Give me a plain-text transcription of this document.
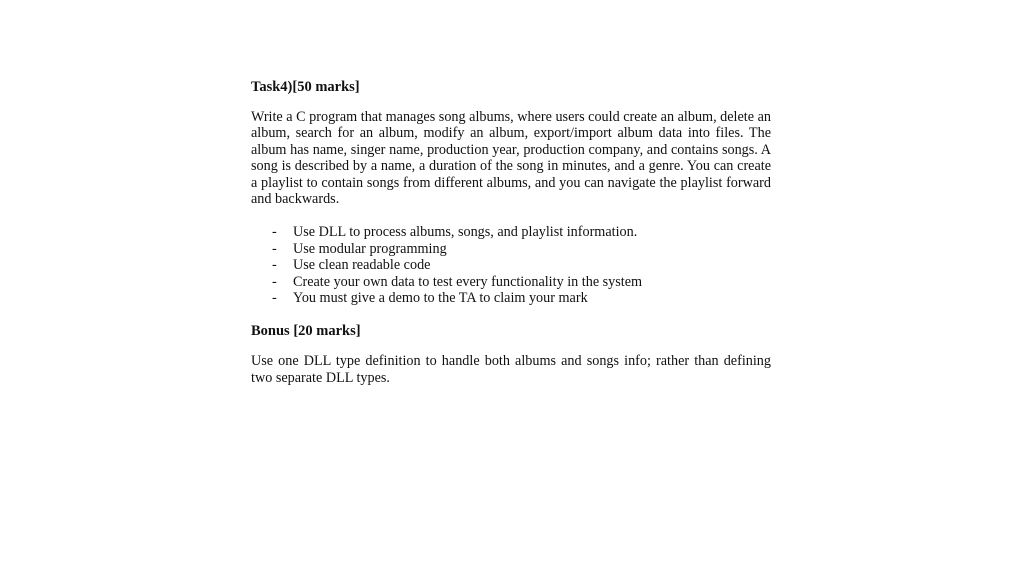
Task4)[50 marks]

Write a C program that manages song albums, where users could create an album, delete an album, search for an album, modify an album, export/import album data into files. The album has name, singer name, production year, production company, and contains songs. A song is described by a name, a duration of the song in minutes, and a genre. You can create a playlist to contain songs from different albums, and you can navigate the playlist forward and backwards.

- Use DLL to process albums, songs, and playlist information.
- Use modular programming
- Use clean readable code
- Create your own data to test every functionality in the system
- You must give a demo to the TA to claim your mark

Bonus [20 marks]

Use one DLL type definition to handle both albums and songs info; rather than defining two separate DLL types.
